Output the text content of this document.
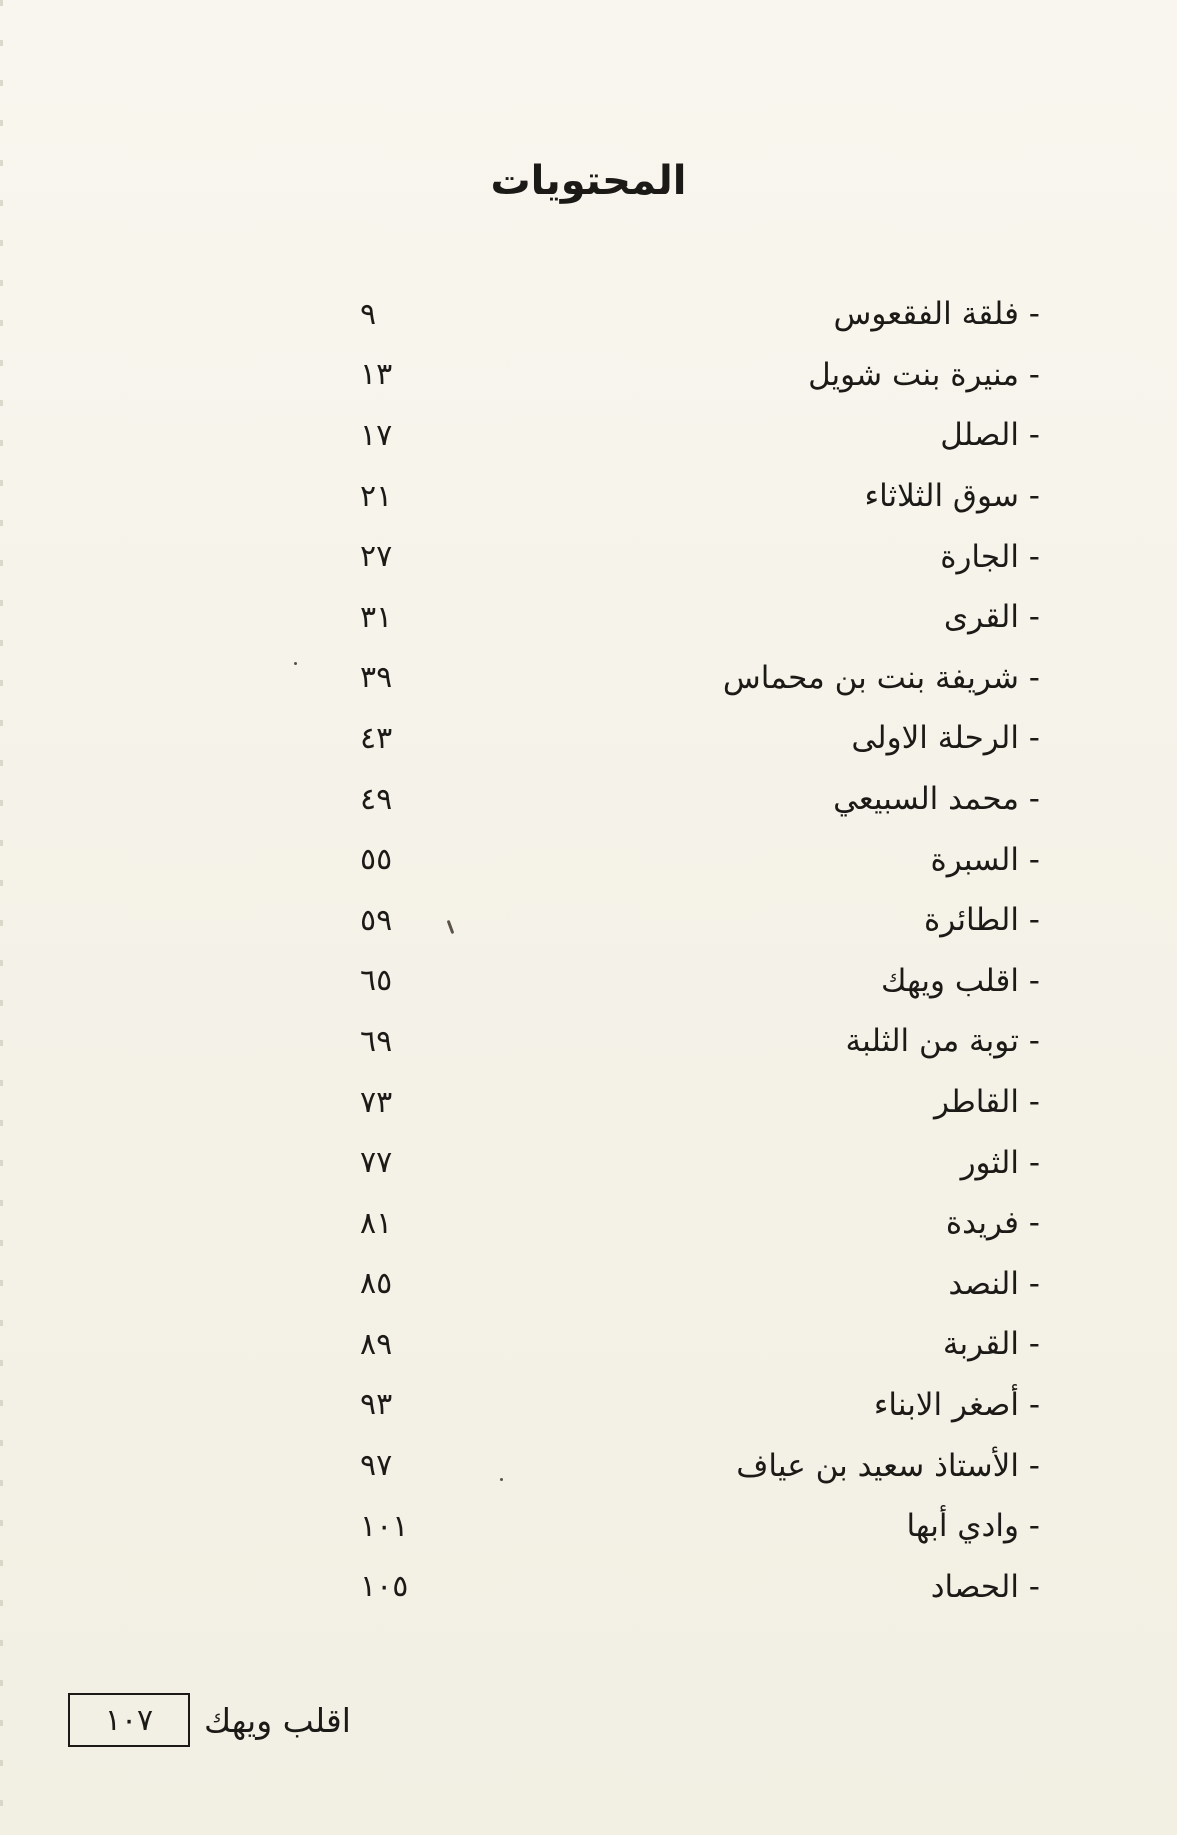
المحتويات
- فلقة الفقعوس
٩
- منيرة بنت شويل
١٣
- الصلل
١٧
- سوق الثلاثاء
٢١
- الجارة
٢٧
- القرى
٣١
- شريفة بنت بن محماس
٣٩
- الرحلة الاولى
٤٣
- محمد السبيعي
٤٩
- السبرة
٥٥
- الطائرة
٥٩
- اقلب ويهك
٦٥
- توبة من الثلبة
٦٩
- القاطر
٧٣
- الثور
٧٧
- فريدة
٨١
- النصد
٨٥
- القربة
٨٩
- أصغر الابناء
٩٣
- الأستاذ سعيد بن عياف
٩٧
- وادي أبها
١٠١
- الحصاد
١٠٥
اقلب ويهك
١٠٧
